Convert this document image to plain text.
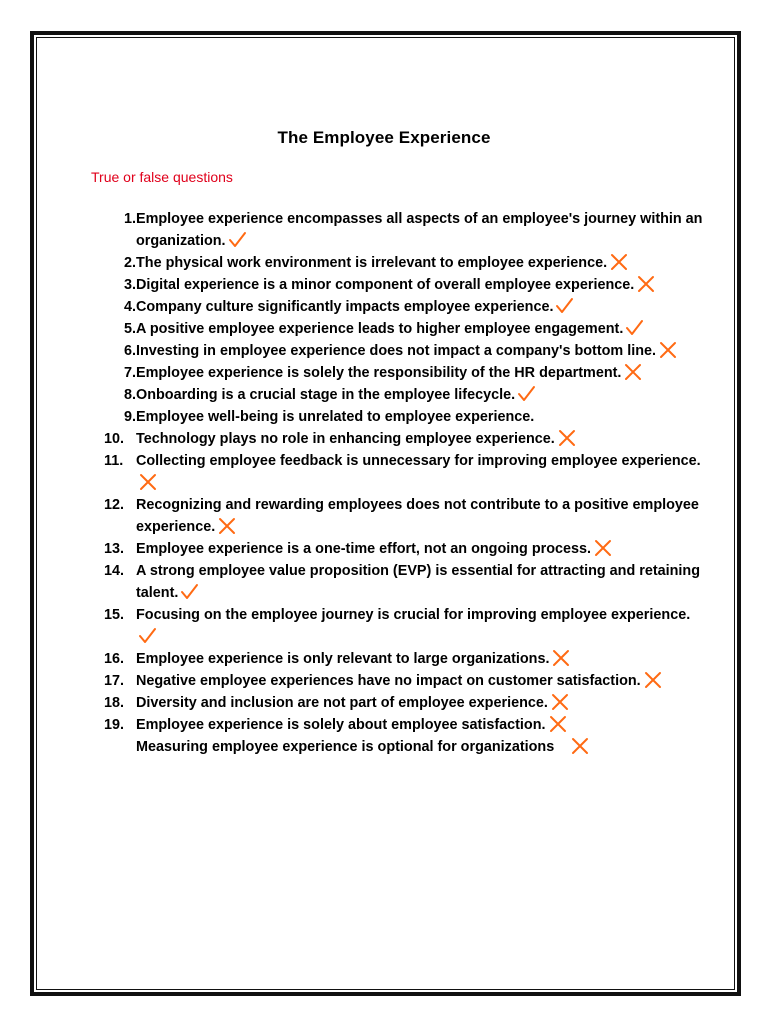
The Employee Experience
True or false questions
1. Employee experience encompasses all aspects of an employee's journey within an organization.
2. The physical work environment is irrelevant to employee experience.
3. Digital experience is a minor component of overall employee experience.
4. Company culture significantly impacts employee experience.
5. A positive employee experience leads to higher employee engagement.
6. Investing in employee experience does not impact a company's bottom line.
7. Employee experience is solely the responsibility of the HR department.
8. Onboarding is a crucial stage in the employee lifecycle.
9. Employee well-being is unrelated to employee experience.
10. Technology plays no role in enhancing employee experience.
11. Collecting employee feedback is unnecessary for improving employee experience.
12. Recognizing and rewarding employees does not contribute to a positive employee experience.
13. Employee experience is a one-time effort, not an ongoing process.
14. A strong employee value proposition (EVP) is essential for attracting and retaining talent.
15. Focusing on the employee journey is crucial for improving employee experience.
16. Employee experience is only relevant to large organizations.
17. Negative employee experiences have no impact on customer satisfaction.
18. Diversity and inclusion are not part of employee experience.
19. Employee experience is solely about employee satisfaction.
Measuring employee experience is optional for organizations
